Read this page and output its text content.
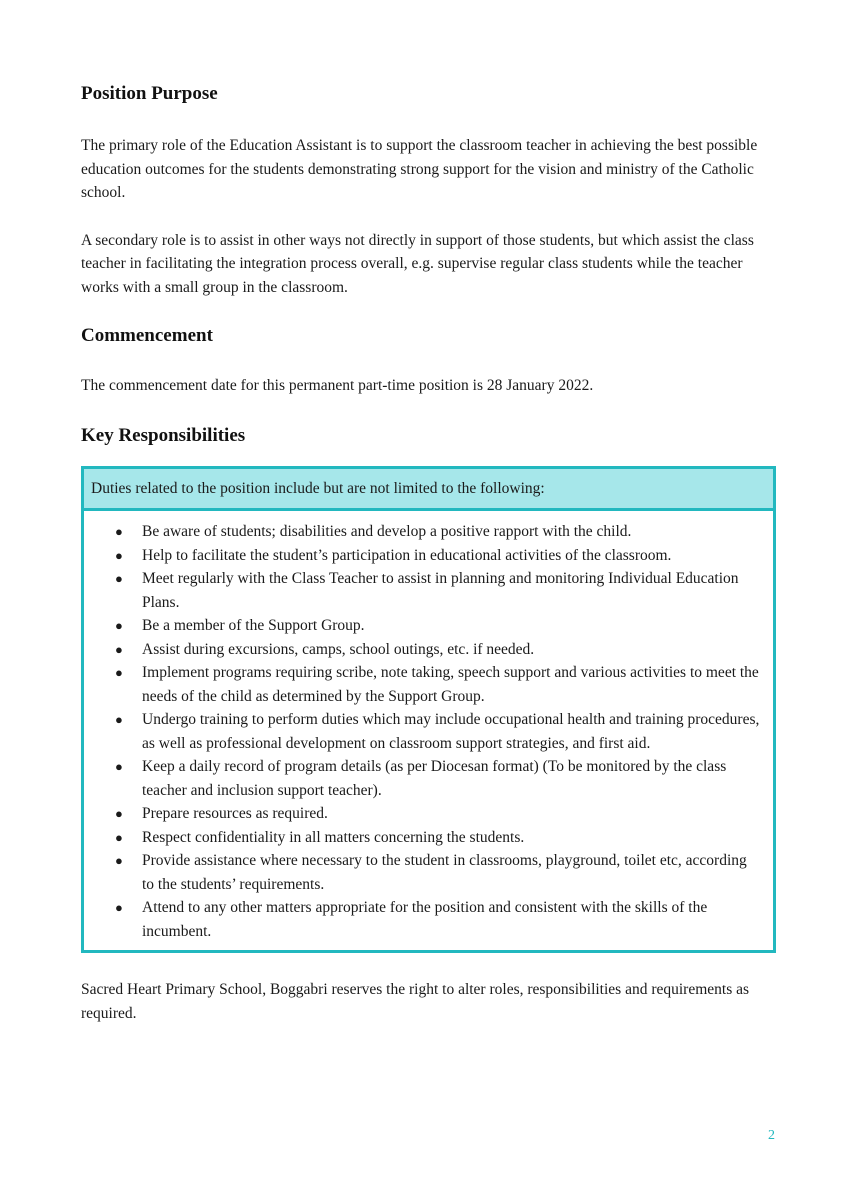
Position Purpose

The primary role of the Education Assistant is to support the classroom teacher in achieving the best possible education outcomes for the students demonstrating strong support for the vision and ministry of the Catholic school.

A secondary role is to assist in other ways not directly in support of those students, but which assist the class teacher in facilitating the integration process overall, e.g. supervise regular class students while the teacher works with a small group in the classroom.

Commencement

The commencement date for this permanent part-time position is 28 January 2022.

Key Responsibilities
Duties related to the position include but are not limited to the following:
● Be aware of students; disabilities and develop a positive rapport with the child.
● Help to facilitate the student’s participation in educational activities of the classroom.
● Meet regularly with the Class Teacher to assist in planning and monitoring Individual Education Plans.
● Be a member of the Support Group.
● Assist during excursions, camps, school outings, etc. if needed.
● Implement programs requiring scribe, note taking, speech support and various activities to meet the needs of the child as determined by the Support Group.
● Undergo training to perform duties which may include occupational health and training procedures, as well as professional development on classroom support strategies, and first aid.
● Keep a daily record of program details (as per Diocesan format) (To be monitored by the class teacher and inclusion support teacher).
● Prepare resources as required.
● Respect confidentiality in all matters concerning the students.
● Provide assistance where necessary to the student in classrooms, playground, toilet etc, according to the students’ requirements.
● Attend to any other matters appropriate for the position and consistent with the skills of the incumbent.

Sacred Heart Primary School, Boggabri reserves the right to alter roles, responsibilities and requirements as required.

2
